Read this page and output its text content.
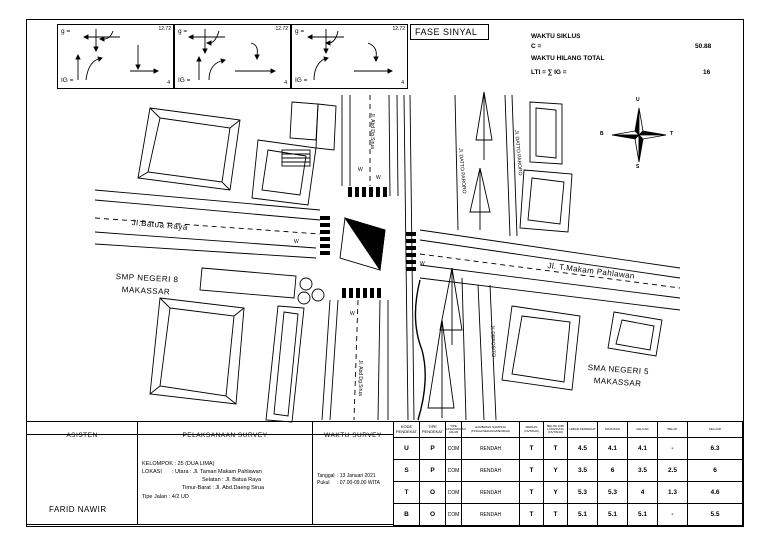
g =	12.72
IG =	4
g =	12.72
IG =	4
g =	12.72
IG =	4
FASE SINYAL	WAKTU SIKLUS
C =	50.88
WAKTU HILANG TOTAL
LTI = ∑ IG =	16
U
S
B	T
Jl.Batua Raya
Jl. T.Makam Pahlawan
Jl. Abd Dg.Sirua
Jl. Abd Dg.Sirua
Jl. DATTO PARORO	Jl. DATTO PARORO
Jl. DEPOSITO
W
W
W
W
W
SMP NEGERI 8
MAKASSAR
SMA NEGERI 5
MAKASSAR
ASISTEN
FARID NAWIR
PELAKSANAAN SURVEY
KELOMPOK : 25 (DUA LIMA)
LOKASI : Utara : Jl. Taman Makam Pahlawan
Selatan : Jl. Batua Raya
Timur-Barat : Jl. Abd.Daeng Sirua
Tipe Jalan : 4/2 UD
WAKTU SURVEY
Tanggal : 13 Januari 2021
Pukul : 07.00-09.00 WITA
KODE PENDEKAT	TIPE PENDEKAT	TIPE LINGKUNGAN JALAN	HAMBATAN SAMPING (TINGGI/SEDANG/RENDAH)	MEDIAN (YA/TIDAK)	BELOK KIRI LANGSUNG (YA/TIDAK)	LEBAR PENDEKAT	MASUKAN	KELUAR	BELOK	KELUAR
U	P	COM	RENDAH	T	T	4.5	4.1	4.1	-	6.3
S	P	COM	RENDAH	T	Y	3.5	6	3.5	2.5	6
T	O	COM	RENDAH	T	Y	5.3	5.3	4	1.3	4.6
B	O	COM	RENDAH	T	T	5.1	5.1	5.1	-	5.5
